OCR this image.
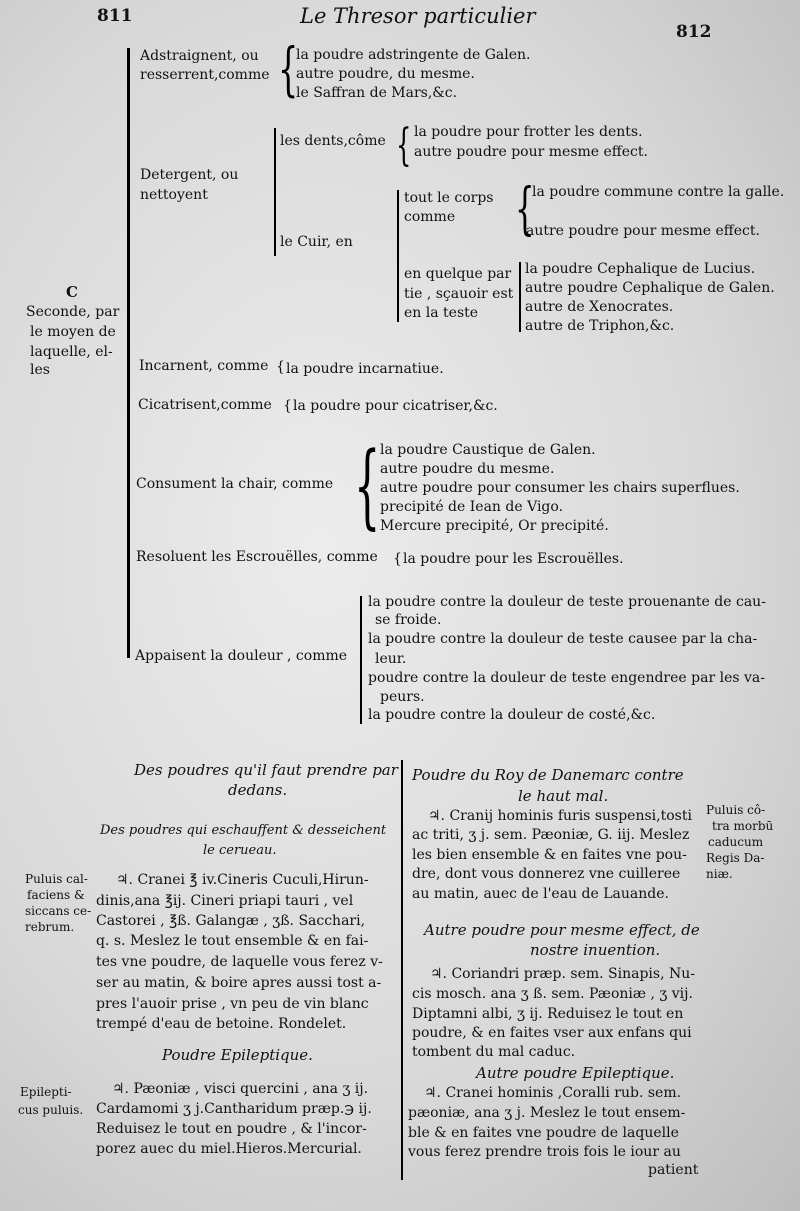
811	Le Thresor particulier
812
C
Seconde, par
le moyen de
laquelle, el-
les
Adstraignent, ou
resserrent,comme {
la poudre adstringente de Galen.
autre poudre, du mesme.
le Saffran de Mars,&c.
Detergent, ou
nettoyent
les dents,côme { la poudre pour frotter les dents.
autre poudre pour mesme effect.
le Cuir, en
tout le corps
comme {
la poudre commune contre la galle.
autre poudre pour mesme effect.
en quelque par
tie , sçauoir est
en la teste
la poudre Cephalique de Lucius.
autre poudre Cephalique de Galen.
autre de Xenocrates.
autre de Triphon,&c.
Incarnent, comme { la poudre incarnatiue.
Cicatrisent,comme { la poudre pour cicatriser,&c.
Consument la chair, comme { la poudre Caustique de Galen.
autre poudre du mesme.
autre poudre pour consumer les chairs superflues.
precipité de Iean de Vigo.
Mercure precipité, Or precipité.
Resoluent les Escrouëlles, comme { la poudre pour les Escrouëlles.
Appaisent la douleur , comme
la poudre contre la douleur de teste prouenante de cau-
se froide.
la poudre contre la douleur de teste causee par la cha-
leur.
poudre contre la douleur de teste engendree par les va-
peurs.
la poudre contre la douleur de costé,&c.
Des poudres qu'il faut prendre par
dedans.
Des poudres qui eschauffent & desseichent
le cerueau.
Puluis cal-
faciens &
siccans ce-
rebrum.
♃. Cranei ℥ iv.Cineris Cuculi,Hirun-
dinis,ana ℥ij. Cineri priapi tauri , vel
Castorei , ℥ß. Galangæ , ʒß. Sacchari,
q. s. Meslez le tout ensemble & en fai-
tes vne poudre, de laquelle vous ferez v-
ser au matin, & boire apres aussi tost a-
pres l'auoir prise , vn peu de vin blanc
trempé d'eau de betoine. Rondelet.
Poudre Epileptique.
Epilepti-
cus puluis.
♃. Pæoniæ , visci quercini , ana ʒ ij.
Cardamomi ʒ j.Cantharidum præp.℈ ij.
Reduisez le tout en poudre , & l'incor-
porez auec du miel.Hieros.Mercurial.
Poudre du Roy de Danemarc contre
le haut mal.
Puluis cô-
tra morbū
caducum
Regis Da-
niæ.
♃. Cranij hominis furis suspensi,tosti
ac triti, ʒ j. sem. Pæoniæ, G. iij. Meslez
les bien ensemble & en faites vne pou-
dre, dont vous donnerez vne cuilleree
au matin, auec de l'eau de Lauande.
Autre poudre pour mesme effect, de
nostre inuention.
♃. Coriandri præp. sem. Sinapis, Nu-
cis mosch. ana ʒ ß. sem. Pæoniæ , ʒ vij.
Diptamni albi, ʒ ij. Reduisez le tout en
poudre, & en faites vser aux enfans qui
tombent du mal caduc.
Autre poudre Epileptique.
♃. Cranei hominis ,Coralli rub. sem.
pæoniæ, ana ʒ j. Meslez le tout ensem-
ble & en faites vne poudre de laquelle
vous ferez prendre trois fois le iour au
patient
